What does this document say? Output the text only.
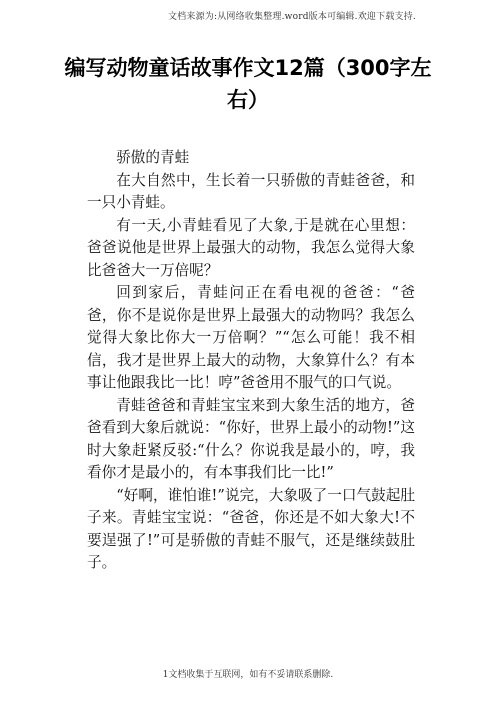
文档来源为:从网络收集整理.word版本可编辑.欢迎下载支持.
编写动物童话故事作文12篇（300字左右）

骄傲的青蛙

在大自然中，生长着一只骄傲的青蛙爸爸，和一只小青蛙。

有一天,小青蛙看见了大象,于是就在心里想：爸爸说他是世界上最强大的动物，我怎么觉得大象比爸爸大一万倍呢？

回到家后，青蛙问正在看电视的爸爸：“爸爸，你不是说你是世界上最强大的动物吗？我怎么觉得大象比你大一万倍啊？”“怎么可能！我不相信，我才是世界上最大的动物，大象算什么？有本事让他跟我比一比！哼”爸爸用不服气的口气说。

青蛙爸爸和青蛙宝宝来到大象生活的地方，爸爸看到大象后就说：“你好，世界上最小的动物!”这时大象赶紧反驳:“什么？你说我是最小的，哼，我看你才是最小的，有本事我们比一比!”

“好啊，谁怕谁!”说完，大象吸了一口气鼓起肚子来。青蛙宝宝说：“爸爸，你还是不如大象大!不要逞强了!”可是骄傲的青蛙不服气，还是继续鼓肚子。

1文档收集于互联网，如有不妥请联系删除.
